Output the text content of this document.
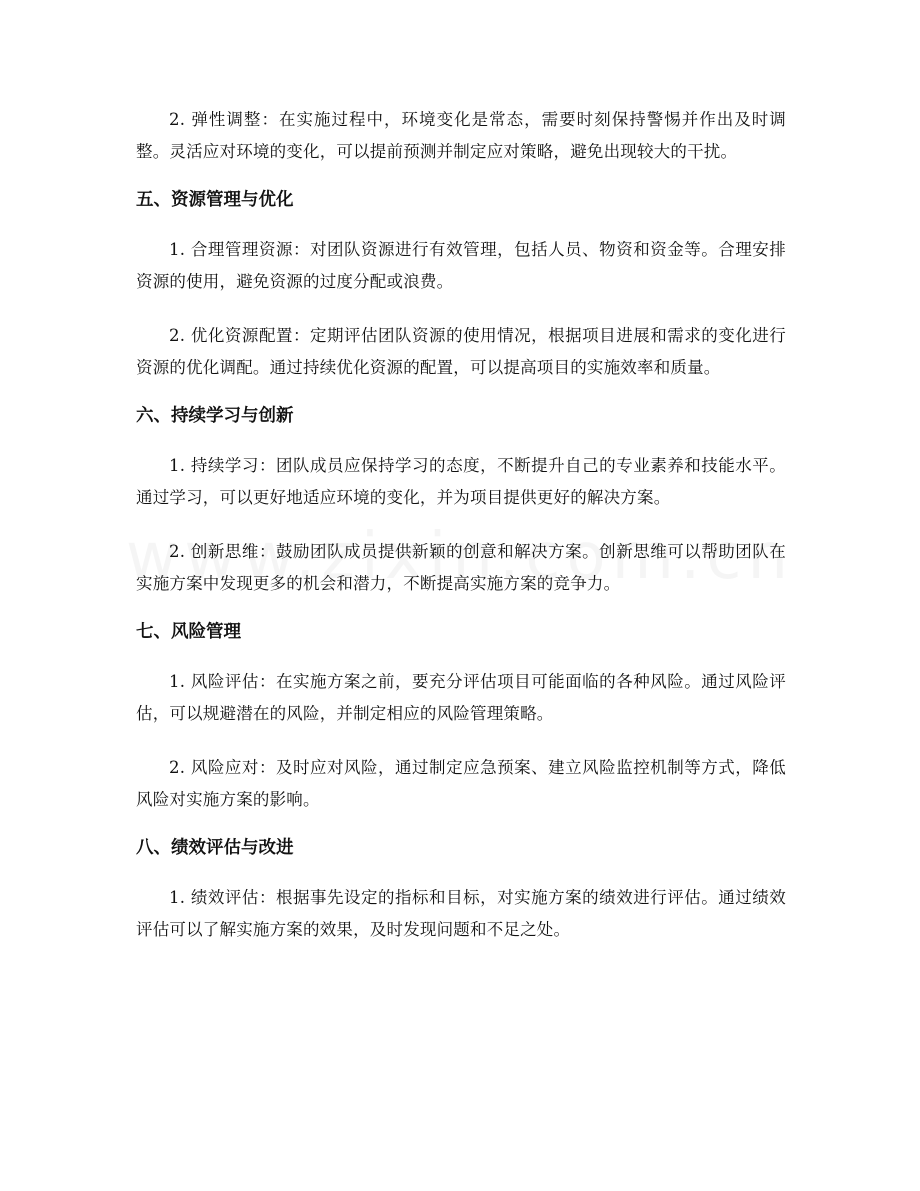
2. 弹性调整：在实施过程中，环境变化是常态，需要时刻保持警惕并作出及时调整。灵活应对环境的变化，可以提前预测并制定应对策略，避免出现较大的干扰。

五、资源管理与优化

1. 合理管理资源：对团队资源进行有效管理，包括人员、物资和资金等。合理安排资源的使用，避免资源的过度分配或浪费。

2. 优化资源配置：定期评估团队资源的使用情况，根据项目进展和需求的变化进行资源的优化调配。通过持续优化资源的配置，可以提高项目的实施效率和质量。

六、持续学习与创新

1. 持续学习：团队成员应保持学习的态度，不断提升自己的专业素养和技能水平。通过学习，可以更好地适应环境的变化，并为项目提供更好的解决方案。

2. 创新思维：鼓励团队成员提供新颖的创意和解决方案。创新思维可以帮助团队在实施方案中发现更多的机会和潜力，不断提高实施方案的竞争力。

七、风险管理

1. 风险评估：在实施方案之前，要充分评估项目可能面临的各种风险。通过风险评估，可以规避潜在的风险，并制定相应的风险管理策略。

2. 风险应对：及时应对风险，通过制定应急预案、建立风险监控机制等方式，降低风险对实施方案的影响。

八、绩效评估与改进

1. 绩效评估：根据事先设定的指标和目标，对实施方案的绩效进行评估。通过绩效评估可以了解实施方案的效果，及时发现问题和不足之处。
